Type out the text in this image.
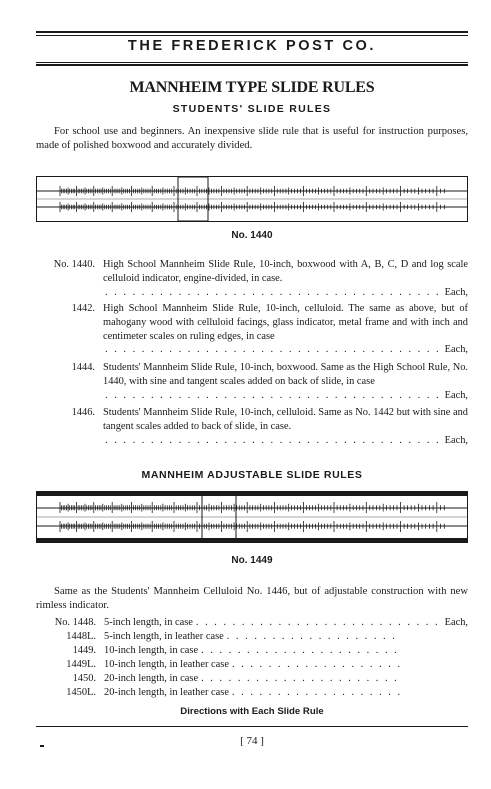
THE FREDERICK POST CO.
MANNHEIM TYPE SLIDE RULES
STUDENTS' SLIDE RULES
For school use and beginners. An inexpensive slide rule that is useful for instruction purposes, made of polished boxwood and accurately divided.
No. 1440
No. 1440. High School Mannheim Slide Rule, 10-inch, boxwood with A, B, C, D and log scale celluloid indicator, engine-divided, in case.
. . .
Each,
1442. High School Mannheim Slide Rule, 10-inch, celluloid. The same as above, but of mahogany wood with celluloid facings, glass indicator, metal frame and with inch and centimeter scales on ruling edges, in case
. . .
Each,
1444. Students' Mannheim Slide Rule, 10-inch, boxwood. Same as the High School Rule, No. 1440, with sine and tangent scales added on back of slide, in case
. . .
Each,
1446. Students' Mannheim Slide Rule, 10-inch, celluloid. Same as No. 1442 but with sine and tangent scales added to back of slide, in case.
. . .
Each,
MANNHEIM ADJUSTABLE SLIDE RULES
No. 1449
Same as the Students' Mannheim Celluloid No. 1446, but of adjustable construction with new rimless indicator.
No. 1448. 5-inch length, in case
. . .	Each,
1448L. 5-inch length, in leather case
. . .
1449. 10-inch length, in case
. . .
1449L. 10-inch length, in leather case
. . .
1450. 20-inch length, in case
. . .
1450L. 20-inch length, in leather case
. . .
Directions with Each Slide Rule
[ 74 ]
